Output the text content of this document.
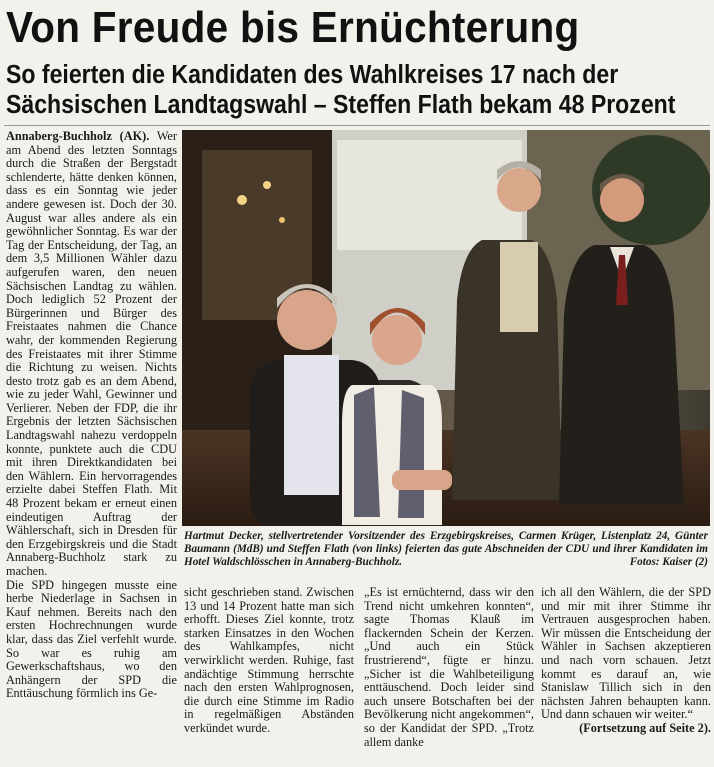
Von Freude bis Ernüchterung
So feierten die Kandidaten des Wahlkreises 17 nach der
Sächsischen Landtagswahl – Steffen Flath bekam 48 Prozent

Annaberg-Buchholz (AK). Wer am Abend des letzten Sonntags durch die Straßen der Bergstadt schlenderte, hätte denken können, dass es ein Sonntag wie jeder andere gewesen ist. Doch der 30. August war alles andere als ein gewöhnlicher Sonntag. Es war der Tag der Entscheidung, der Tag, an dem 3,5 Millionen Wähler dazu aufgerufen waren, den neuen Sächsischen Landtag zu wählen. Doch lediglich 52 Prozent der Bürgerinnen und Bürger des Freistaates nahmen die Chance wahr, der kommenden Regierung des Freistaates mit ihrer Stimme die Richtung zu weisen. Nichts desto trotz gab es an dem Abend, wie zu jeder Wahl, Gewinner und Verlierer. Neben der FDP, die ihr Ergebnis der letzten Sächsischen Landtagswahl nahezu verdoppeln konnte, punktete auch die CDU mit ihren Direktkandidaten bei den Wählern. Ein hervorragendes erzielte dabei Steffen Flath. Mit 48 Prozent bekam er erneut einen eindeutigen Auftrag der Wählerschaft, sich in Dresden für den Erzgebirgskreis und die Stadt Annaberg-Buchholz stark zu machen.

Die SPD hingegen musste eine herbe Niederlage in Sachsen in Kauf nehmen. Bereits nach den ersten Hochrechnungen wurde klar, dass das Ziel verfehlt wurde. So war es ruhig am Gewerkschaftshaus, wo den Anhängern der SPD die Enttäuschung förmlich ins Ge-

Hartmut Decker, stellvertretender Vorsitzender des Erzgebirgskreises, Carmen Krüger, Listenplatz 24, Günter Baumann (MdB) und Steffen Flath (von links) feierten das gute Abschneiden der CDU und ihrer Kandidaten im Hotel Waldschlösschen in Annaberg-Buchholz.	Fotos: Kaiser (2)

sicht geschrieben stand. Zwischen 13 und 14 Prozent hatte man sich erhofft. Dieses Ziel konnte, trotz starken Einsatzes in den Wochen des Wahlkampfes, nicht verwirklicht werden. Ruhige, fast andächtige Stimmung herrschte nach den ersten Wahlprognosen, die durch eine Stimme im Radio in regelmäßigen Abständen verkündet wurde.

„Es ist ernüchternd, dass wir den Trend nicht umkehren konnten“, sagte Thomas Klauß im flackernden Schein der Kerzen. „Und auch ein Stück frustrierend“, fügte er hinzu. „Sicher ist die Wahlbeteiligung enttäuschend. Doch leider sind auch unsere Botschaften bei der Bevölkerung nicht angekommen“, so der Kandidat der SPD. „Trotz allem danke

ich all den Wählern, die der SPD und mir mit ihrer Stimme ihr Vertrauen ausgesprochen haben. Wir müssen die Entscheidung der Wähler in Sachsen akzeptieren und nach vorn schauen. Jetzt kommt es darauf an, wie Stanislaw Tillich sich in den nächsten Jahren behaupten kann. Und dann schauen wir weiter.“

(Fortsetzung auf Seite 2).
